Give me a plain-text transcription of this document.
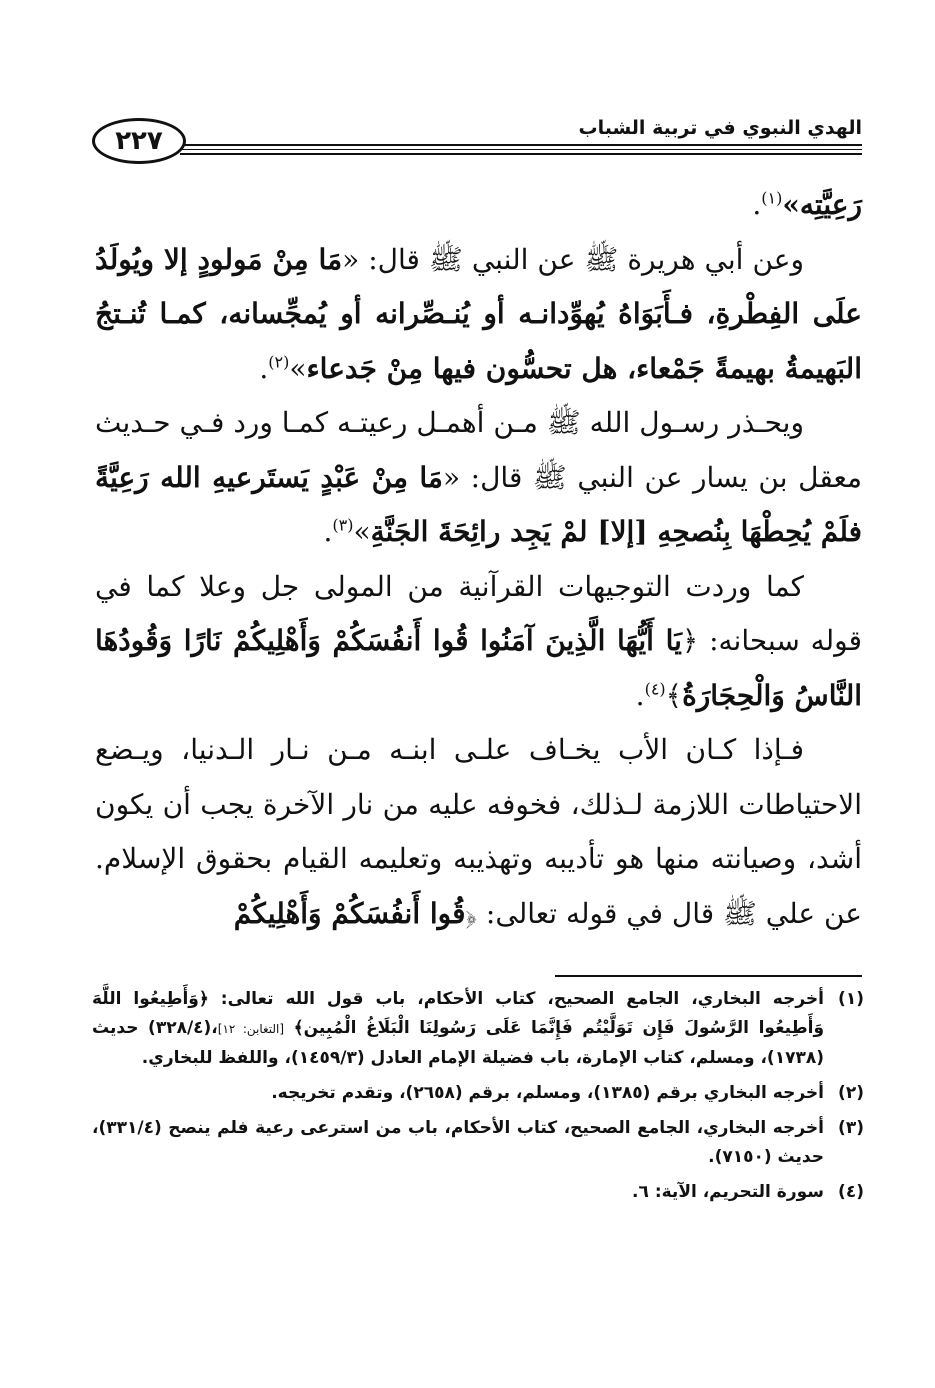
٢٢٧	الهدي النبوي في تربية الشباب

رَعِيَّتِه»$^{(١)}$.

وعن أبي هريرة ﷺ عن النبي ﷺ قال: «مَا مِنْ مَولودٍ إلا ويُولَدُ علَى الفِطْرةِ، فـأَبَوَاهُ يُهوِّدانـه أو يُنـصِّرانه أو يُمجِّسانه، كمـا تُنـتجُ البَهيمةُ بهيمةً جَمْعاء، هل تحسُّون فيها مِنْ جَدعاء»$^{(٢)}$.

ويحـذر رسـول الله ﷺ مـن أهمـل رعيتـه كمـا ورد فـي حـديث معقل بن يسار عن النبي ﷺ قال: «مَا مِنْ عَبْدٍ يَستَرعيهِ الله رَعِيَّةً فلَمْ يُحِطْهَا بِنُصحِهِ [إلا] لمْ يَجِد رائِحَةَ الجَنَّةِ»$^{(٣)}$.

كما وردت التوجيهات القرآنية من المولى جل وعلا كما في قوله سبحانه: ﴿يَا أَيُّهَا الَّذِينَ آمَنُوا قُوا أَنفُسَكُمْ وَأَهْلِيكُمْ نَارًا وَقُودُهَا النَّاسُ وَالْحِجَارَةُ﴾$^{(٤)}$.

فـإذا كـان الأب يخـاف علـى ابنـه مـن نـار الـدنيا، ويـضع الاحتياطات اللازمة لـذلك، فخوفه عليه من نار الآخرة يجب أن يكون أشد، وصيانته منها هو تأديبه وتهذيبه وتعليمه القيام بحقوق الإسلام. عن علي ﷺ قال في قوله تعالى: ﴿قُوا أَنفُسَكُمْ وَأَهْلِيكُمْ

(١)
أخرجه البخاري، الجامع الصحيح، كتاب الأحكام، باب قول الله تعالى: ﴿وَأَطِيعُوا اللَّهَ وَأَطِيعُوا الرَّسُولَ فَإِن تَوَلَّيْتُم فَإِنَّمَا عَلَى رَسُولِنَا الْبَلَاغُ الْمُبِين﴾ [التغابن: ١٢]،(٣٢٨/٤) حديث (١٧٣٨)، ومسلم، كتاب الإمارة، باب فضيلة الإمام العادل (١٤٥٩/٣)، واللفظ للبخاري.
(٢)
أخرجه البخاري برقم (١٣٨٥)، ومسلم، برقم (٢٦٥٨)، وتقدم تخريجه.
(٣)
أخرجه البخاري، الجامع الصحيح، كتاب الأحكام، باب من استرعى رعية فلم ينصح (٣٣١/٤)، حديث (٧١٥٠).
(٤)
سورة التحريم، الآية: ٦.
